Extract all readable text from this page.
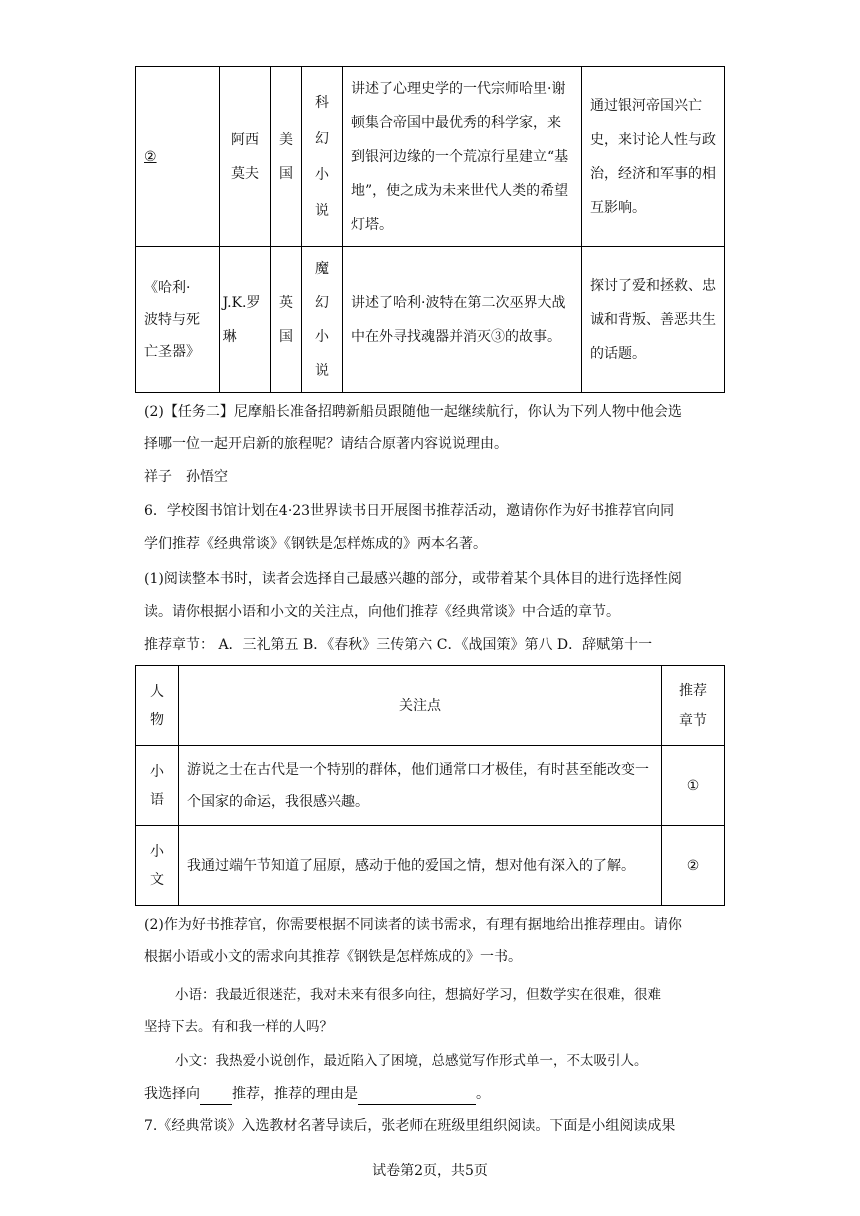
②	阿西莫夫	美国	科幻小说	讲述了心理史学的一代宗师哈里·谢顿集合帝国中最优秀的科学家，来到银河边缘的一个荒凉行星建立“基地”，使之成为未来世代人类的希望灯塔。	通过银河帝国兴亡史，来讨论人性与政治，经济和军事的相互影响。

《哈利·波特与死亡圣器》	J.K.罗琳	英国	魔幻小说	讲述了哈利·波特在第二次巫界大战中在外寻找魂器并消灭③的故事。	探讨了爱和拯救、忠诚和背叛、善恶共生的话题。
(2)【任务二】尼摩船长准备招聘新船员跟随他一起继续航行，你认为下列人物中他会选
择哪一位一起开启新的旅程呢？请结合原著内容说说理由。
祥子　孙悟空
6．学校图书馆计划在4·23世界读书日开展图书推荐活动，邀请你作为好书推荐官向同
学们推荐《经典常谈》《钢铁是怎样炼成的》两本名著。
(1)阅读整本书时，读者会选择自己最感兴趣的部分，或带着某个具体目的进行选择性阅
读。请你根据小语和小文的关注点，向他们推荐《经典常谈》中合适的章节。
推荐章节： A．三礼第五 B．《春秋》三传第六 C．《战国策》第八 D．辞赋第十一
人物	关注点	推荐章节

小语	游说之士在古代是一个特别的群体，他们通常口才极佳，有时甚至能改变一个国家的命运，我很感兴趣。	①

小文	我通过端午节知道了屈原，感动于他的爱国之情，想对他有深入的了解。	②
(2)作为好书推荐官，你需要根据不同读者的读书需求，有理有据地给出推荐理由。请你
根据小语或小文的需求向其推荐《钢铁是怎样炼成的》一书。
小语：我最近很迷茫，我对未来有很多向往，想搞好学习，但数学实在很难，很难
坚持下去。有和我一样的人吗？
小文：我热爱小说创作，最近陷入了困境，总感觉写作形式单一，不太吸引人。
我选择向 推荐，推荐的理由是	。
7.《经典常谈》入选教材名著导读后，张老师在班级里组织阅读。下面是小组阅读成果
试卷第2页，共5页
